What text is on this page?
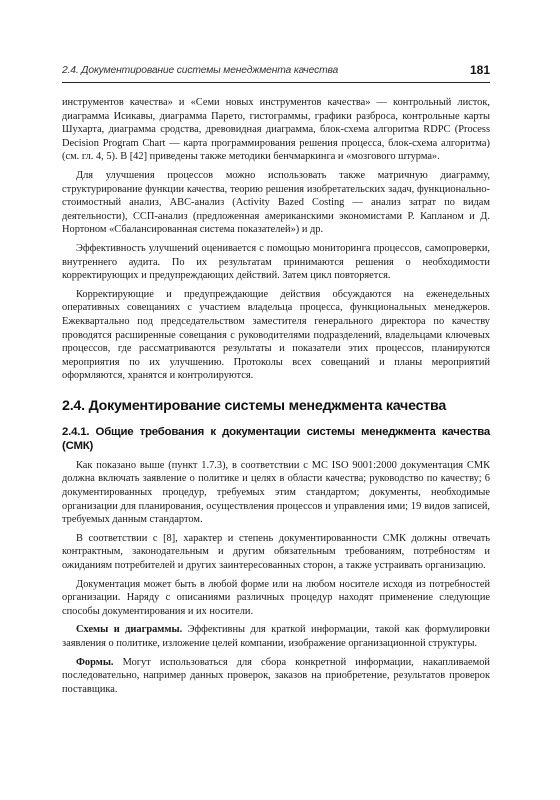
2.4. Документирование системы менеджмента качества	181

инструментов качества» и «Семи новых инструментов качества» — контрольный листок, диаграмма Исикавы, диаграмма Парето, гистограммы, графики разброса, контрольные карты Шухарта, диаграмма сродства, древовидная диаграмма, блок-схема алгоритма RDPC (Process Decision Program Chart — карта программирования решения процесса, блок-схема алгоритма) (см. гл. 4, 5). В [42] приведены также методики бенчмаркинга и «мозгового штурма».

Для улучшения процессов можно использовать также матричную диаграмму, структурирование функции качества, теорию решения изобретательских задач, функционально-стоимостный анализ, АВС-анализ (Activity Bazed Costing — анализ затрат по видам деятельности), ССП-анализ (предложенная американскими экономистами Р. Капланом и Д. Нортоном «Сбалансированная система показателей») и др.

Эффективность улучшений оценивается с помощью мониторинга процессов, самопроверки, внутреннего аудита. По их результатам принимаются решения о необходимости корректирующих и предупреждающих действий. Затем цикл повторяется.

Корректирующие и предупреждающие действия обсуждаются на еженедельных оперативных совещаниях с участием владельца процесса, функциональных менеджеров. Ежеквартально под председательством заместителя генерального директора по качеству проводятся расширенные совещания с руководителями подразделений, владельцами ключевых процессов, где рассматриваются результаты и показатели этих процессов, планируются мероприятия по их улучшению. Протоколы всех совещаний и планы мероприятий оформляются, хранятся и контролируются.

2.4. Документирование системы менеджмента качества
2.4.1. Общие требования к документации системы менеджмента качества (СМК)

Как показано выше (пункт 1.7.3), в соответствии с МС ISO 9001:2000 документация СМК должна включать заявление о политике и целях в области качества; руководство по качеству; 6 документированных процедур, требуемых этим стандартом; документы, необходимые организации для планирования, осуществления процессов и управления ими; 19 видов записей, требуемых данным стандартом.

В соответствии с [8], характер и степень документированности СМК должны отвечать контрактным, законодательным и другим обязательным требованиям, потребностям и ожиданиям потребителей и других заинтересованных сторон, а также устраивать организацию.

Документация может быть в любой форме или на любом носителе исходя из потребностей организации. Наряду с описаниями различных процедур находят применение следующие способы документирования и их носители.

Схемы и диаграммы. Эффективны для краткой информации, такой как формулировки заявления о политике, изложение целей компании, изображение организационной структуры.

Формы. Могут использоваться для сбора конкретной информации, накапливаемой последовательно, например данных проверок, заказов на приобретение, результатов проверок поставщика.
